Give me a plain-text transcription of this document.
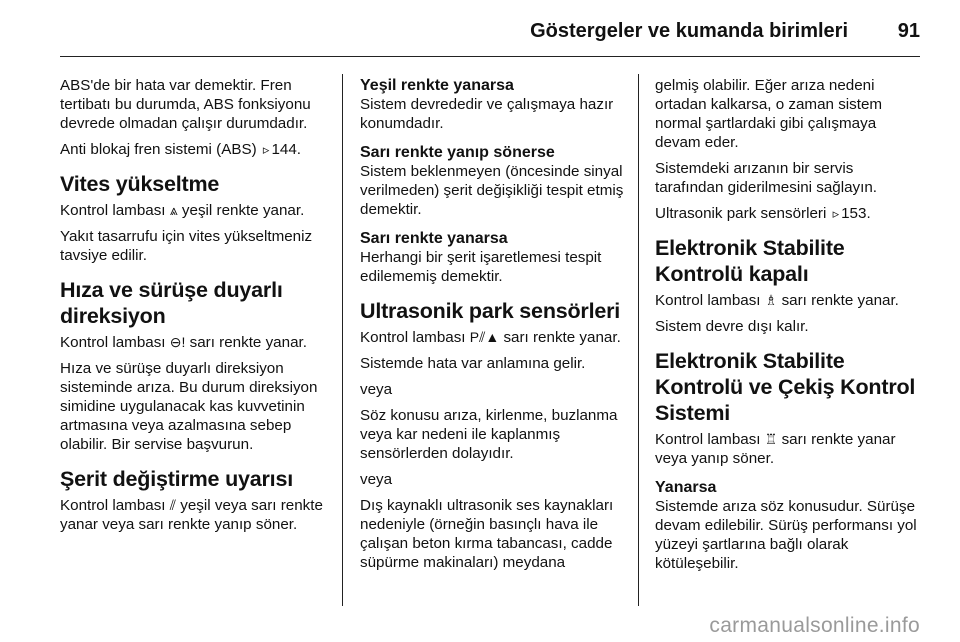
Göstergeler ve kumanda birimleri 91

ABS'de bir hata var demektir. Fren tertibatı bu durumda, ABS fonksiyonu devrede olmadan çalışır durumdadır.

Anti blokaj fren sistemi (ABS) ▹ 144.

Vites yükseltme

Kontrol lambası ⩓ yeşil renkte yanar.

Yakıt tasarrufu için vites yükseltmeniz tavsiye edilir.

Hıza ve sürüşe duyarlı direksiyon

Kontrol lambası ⊖! sarı renkte yanar.

Hıza ve sürüşe duyarlı direksiyon sisteminde arıza. Bu durum direksiyon simidine uygulanacak kas kuvvetinin artmasına veya azalmasına sebep olabilir. Bir servise başvurun.

Şerit değiştirme uyarısı

Kontrol lambası ⫽ yeşil veya sarı renkte yanar veya sarı renkte yanıp söner.

Yeşil renkte yanarsa

Sistem devrededir ve çalışmaya hazır konumdadır.

Sarı renkte yanıp sönerse

Sistem beklenmeyen (öncesinde sinyal verilmeden) şerit değişikliği tespit etmiş demektir.

Sarı renkte yanarsa

Herhangi bir şerit işaretlemesi tespit edilememiş demektir.

Ultrasonik park sensörleri

Kontrol lambası P⫽▲ sarı renkte yanar.

Sistemde hata var anlamına gelir.

veya

Söz konusu arıza, kirlenme, buzlanma veya kar nedeni ile kaplanmış sensörlerden dolayıdır.

veya

Dış kaynaklı ultrasonik ses kaynakları nedeniyle (örneğin basınçlı hava ile çalışan beton kırma tabancası, cadde süpürme makinaları) meydana

gelmiş olabilir. Eğer arıza nedeni ortadan kalkarsa, o zaman sistem normal şartlardaki gibi çalışmaya devam eder.

Sistemdeki arızanın bir servis tarafından giderilmesini sağlayın.

Ultrasonik park sensörleri ▹ 153.

Elektronik Stabilite Kontrolü kapalı

Kontrol lambası ♗ sarı renkte yanar.

Sistem devre dışı kalır.

Elektronik Stabilite Kontrolü ve Çekiş Kontrol Sistemi

Kontrol lambası ♖ sarı renkte yanar veya yanıp söner.

Yanarsa

Sistemde arıza söz konusudur. Sürüşe devam edilebilir. Sürüş performansı yol yüzeyi şartlarına bağlı olarak kötüleşebilir.

carmanualsonline.info
